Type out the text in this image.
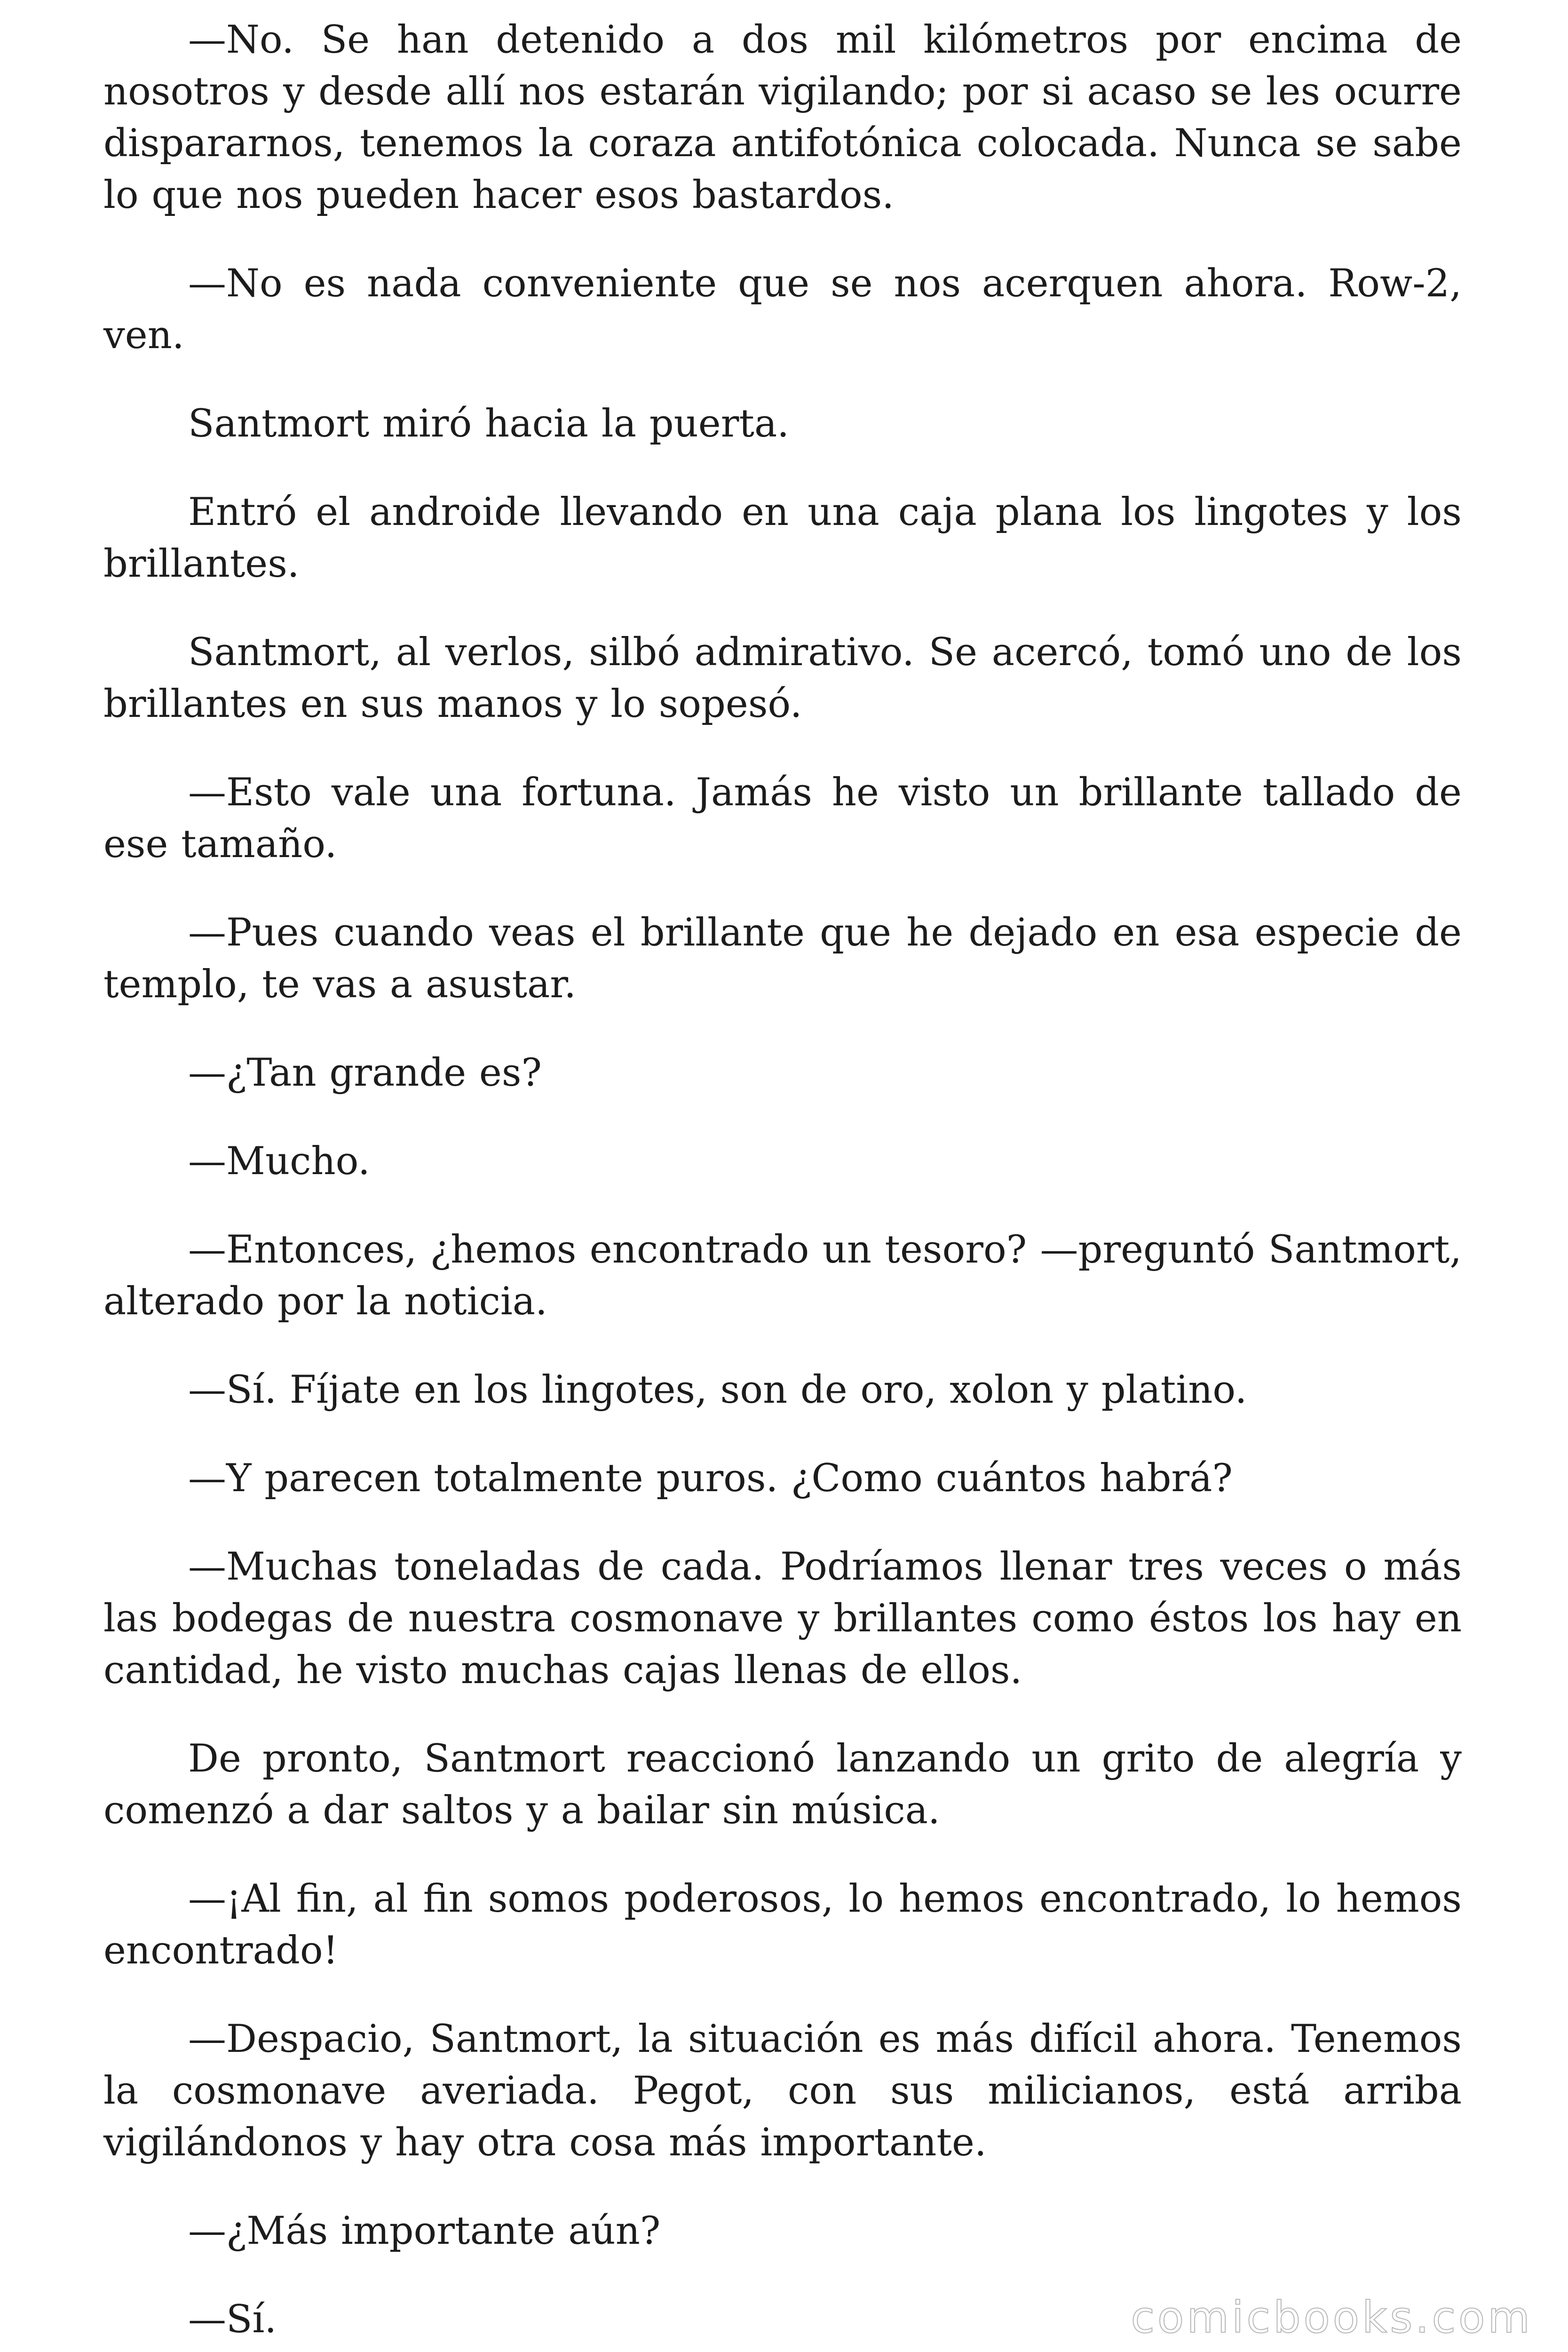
—No. Se han detenido a dos mil kilómetros por encima de nosotros y desde allí nos estarán vigilando; por si acaso se les ocurre dispararnos, tenemos la coraza antifotónica colocada. Nunca se sabe lo que nos pueden hacer esos bastardos.

—No es nada conveniente que se nos acerquen ahora. Row-2, ven.

Santmort miró hacia la puerta.

Entró el androide llevando en una caja plana los lingotes y los brillantes.

Santmort, al verlos, silbó admirativo. Se acercó, tomó uno de los brillantes en sus manos y lo sopesó.

—Esto vale una fortuna. Jamás he visto un brillante tallado de ese tamaño.

—Pues cuando veas el brillante que he dejado en esa especie de templo, te vas a asustar.

—¿Tan grande es?

—Mucho.

—Entonces, ¿hemos encontrado un tesoro? —preguntó Santmort, alterado por la noticia.

—Sí. Fíjate en los lingotes, son de oro, xolon y platino.

—Y parecen totalmente puros. ¿Como cuántos habrá?

—Muchas toneladas de cada. Podríamos llenar tres veces o más las bodegas de nuestra cosmonave y brillantes como éstos los hay en cantidad, he visto muchas cajas llenas de ellos.

De pronto, Santmort reaccionó lanzando un grito de alegría y comenzó a dar saltos y a bailar sin música.

—¡Al fin, al fin somos poderosos, lo hemos encontrado, lo hemos encontrado!

—Despacio, Santmort, la situación es más difícil ahora. Tenemos la cosmonave averiada. Pegot, con sus milicianos, está arriba vigilándonos y hay otra cosa más importante.

—¿Más importante aún?

—Sí.	comicbooks.com
